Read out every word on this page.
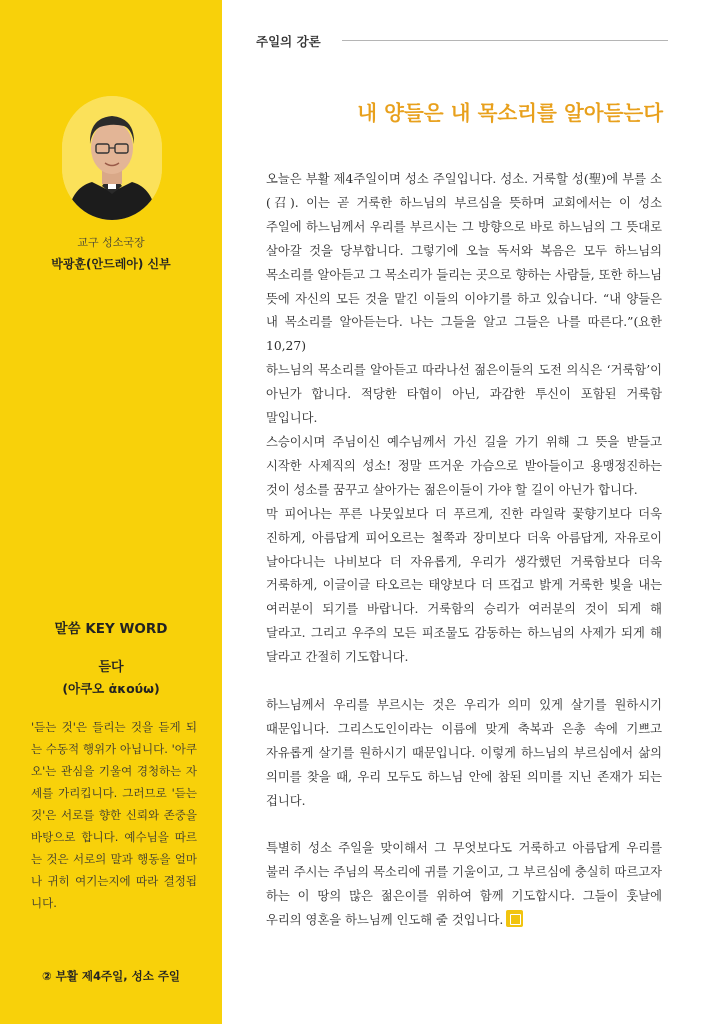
교구 성소국장
박광훈(안드레아) 신부
말씀 KEY WORD
듣다
(아쿠오 ἀκούω)
'듣는 것'은 들리는 것을 듣게 되는 수동적 행위가 아닙니다. '아쿠오'는 관심을 기울여 경청하는 자세를 가리킵니다. 그러므로 '듣는 것'은 서로를 향한 신뢰와 존중을 바탕으로 합니다. 예수님을 따르는 것은 서로의 말과 행동을 얼마나 귀히 여기는지에 따라 결정됩니다.
② 부활 제4주일, 성소 주일
주일의 강론
내 양들은 내 목소리를 알아듣는다

오늘은 부활 제4주일이며 성소 주일입니다. 성소. 거룩할 성(聖)에 부를 소(召). 이는 곧 거룩한 하느님의 부르심을 뜻하며 교회에서는 이 성소 주일에 하느님께서 우리를 부르시는 그 방향으로 바로 하느님의 그 뜻대로 살아갈 것을 당부합니다. 그렇기에 오늘 독서와 복음은 모두 하느님의 목소리를 알아듣고 그 목소리가 들리는 곳으로 향하는 사람들, 또한 하느님 뜻에 자신의 모든 것을 맡긴 이들의 이야기를 하고 있습니다. “내 양들은 내 목소리를 알아듣는다. 나는 그들을 알고 그들은 나를 따른다.”(요한 10,27)
하느님의 목소리를 알아듣고 따라나선 젊은이들의 도전 의식은 ‘거룩함’이 아닌가 합니다. 적당한 타협이 아닌, 과감한 투신이 포함된 거룩함 말입니다.
스승이시며 주님이신 예수님께서 가신 길을 가기 위해 그 뜻을 받들고 시작한 사제직의 성소! 정말 뜨거운 가슴으로 받아들이고 용맹정진하는 것이 성소를 꿈꾸고 살아가는 젊은이들이 가야 할 길이 아닌가 합니다.
막 피어나는 푸른 나뭇잎보다 더 푸르게, 진한 라일락 꽃향기보다 더욱 진하게, 아름답게 피어오르는 철쭉과 장미보다 더욱 아름답게, 자유로이 날아다니는 나비보다 더 자유롭게, 우리가 생각했던 거룩함보다 더욱 거룩하게, 이글이글 타오르는 태양보다 더 뜨겁고 밝게 거룩한 빛을 내는 여러분이 되기를 바랍니다. 거룩함의 승리가 여러분의 것이 되게 해 달라고. 그리고 우주의 모든 피조물도 감동하는 하느님의 사제가 되게 해 달라고 간절히 기도합니다.

하느님께서 우리를 부르시는 것은 우리가 의미 있게 살기를 원하시기 때문입니다. 그리스도인이라는 이름에 맞게 축복과 은총 속에 기쁘고 자유롭게 살기를 원하시기 때문입니다. 이렇게 하느님의 부르심에서 삶의 의미를 찾을 때, 우리 모두도 하느님 안에 참된 의미를 지닌 존재가 되는 겁니다.

특별히 성소 주일을 맞이해서 그 무엇보다도 거룩하고 아름답게 우리를 불러 주시는 주님의 목소리에 귀를 기울이고, 그 부르심에 충실히 따르고자 하는 이 땅의 많은 젊은이를 위하여 함께 기도합시다. 그들이 훗날에 우리의 영혼을 하느님께 인도해 줄 것입니다.
